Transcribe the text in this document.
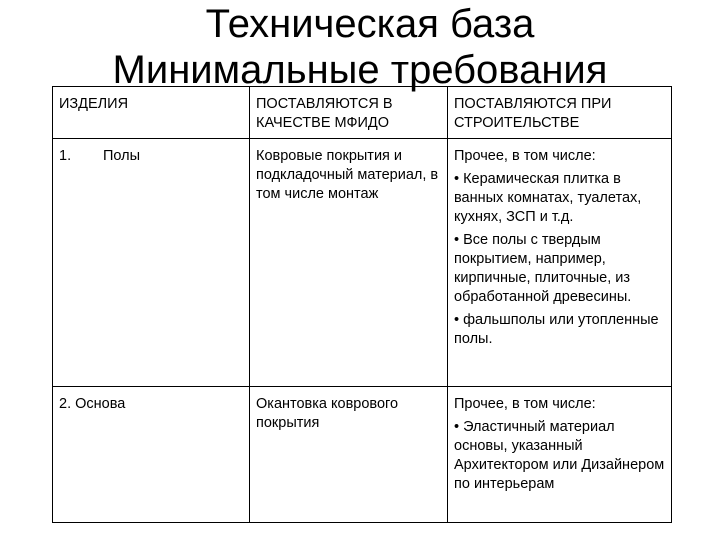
Техническая база
Минимальные требования
ИЗДЕЛИЯ	ПОСТАВЛЯЮТСЯ В КАЧЕСТВЕ МФИДО	ПОСТАВЛЯЮТСЯ ПРИ СТРОИТЕЛЬСТВЕ
1. Полы	Ковровые покрытия и подкладочный материал, в том числе монтаж	Прочее, в том числе:
• Керамическая плитка в ванных комнатах, туалетах, кухнях, ЗСП и т.д.
• Все полы с твердым покрытием, например, кирпичные, плиточные, из обработанной древесины.
• фальшполы или утопленные полы.

2. Основа	Окантовка коврового покрытия	Прочее, в том числе:
• Эластичный материал основы, указанный Архитектором или Дизайнером по интерьерам
